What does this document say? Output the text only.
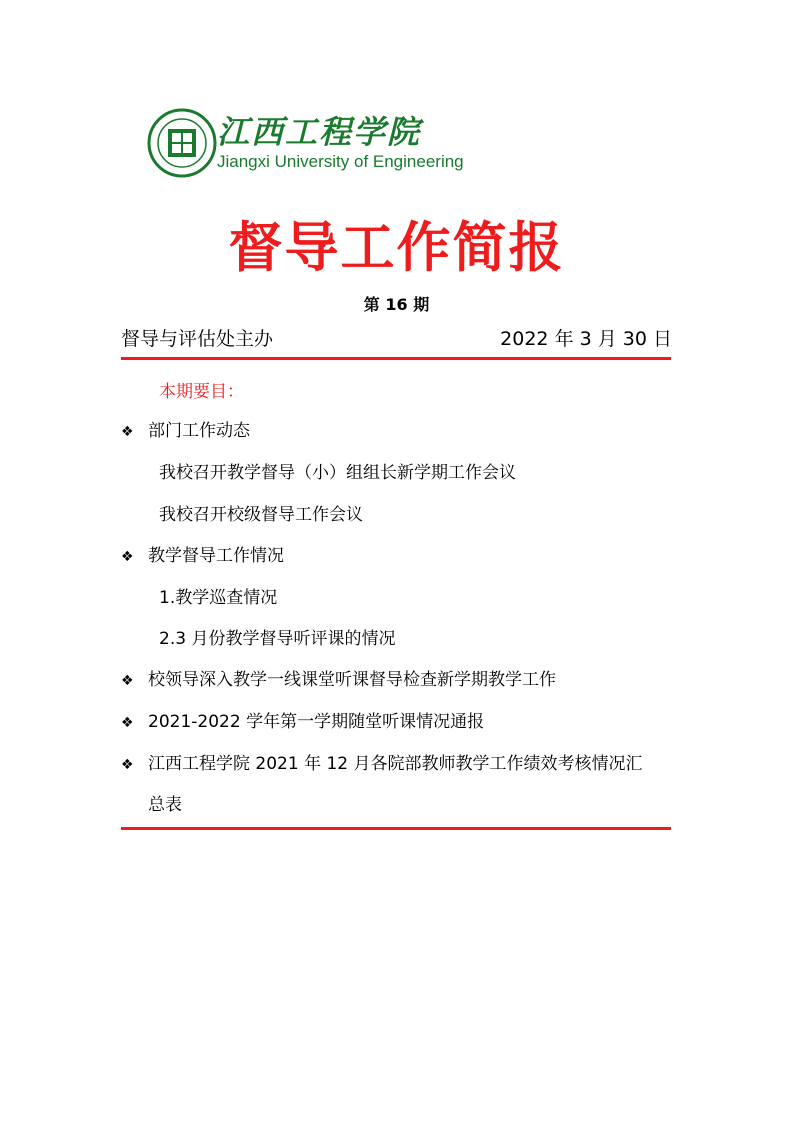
江西工程学院
Jiangxi University of Engineering
督导工作简报
第 16 期
督导与评估处主办	2022 年 3 月 30 日
本期要目：
❖ 部门工作动态
我校召开教学督导（小）组组长新学期工作会议
我校召开校级督导工作会议
❖ 教学督导工作情况
1.教学巡查情况
2.3 月份教学督导听评课的情况
❖ 校领导深入教学一线课堂听课督导检查新学期教学工作
❖ 2021-2022 学年第一学期随堂听课情况通报
❖ 江西工程学院 2021 年 12 月各院部教师教学工作绩效考核情况汇
总表
